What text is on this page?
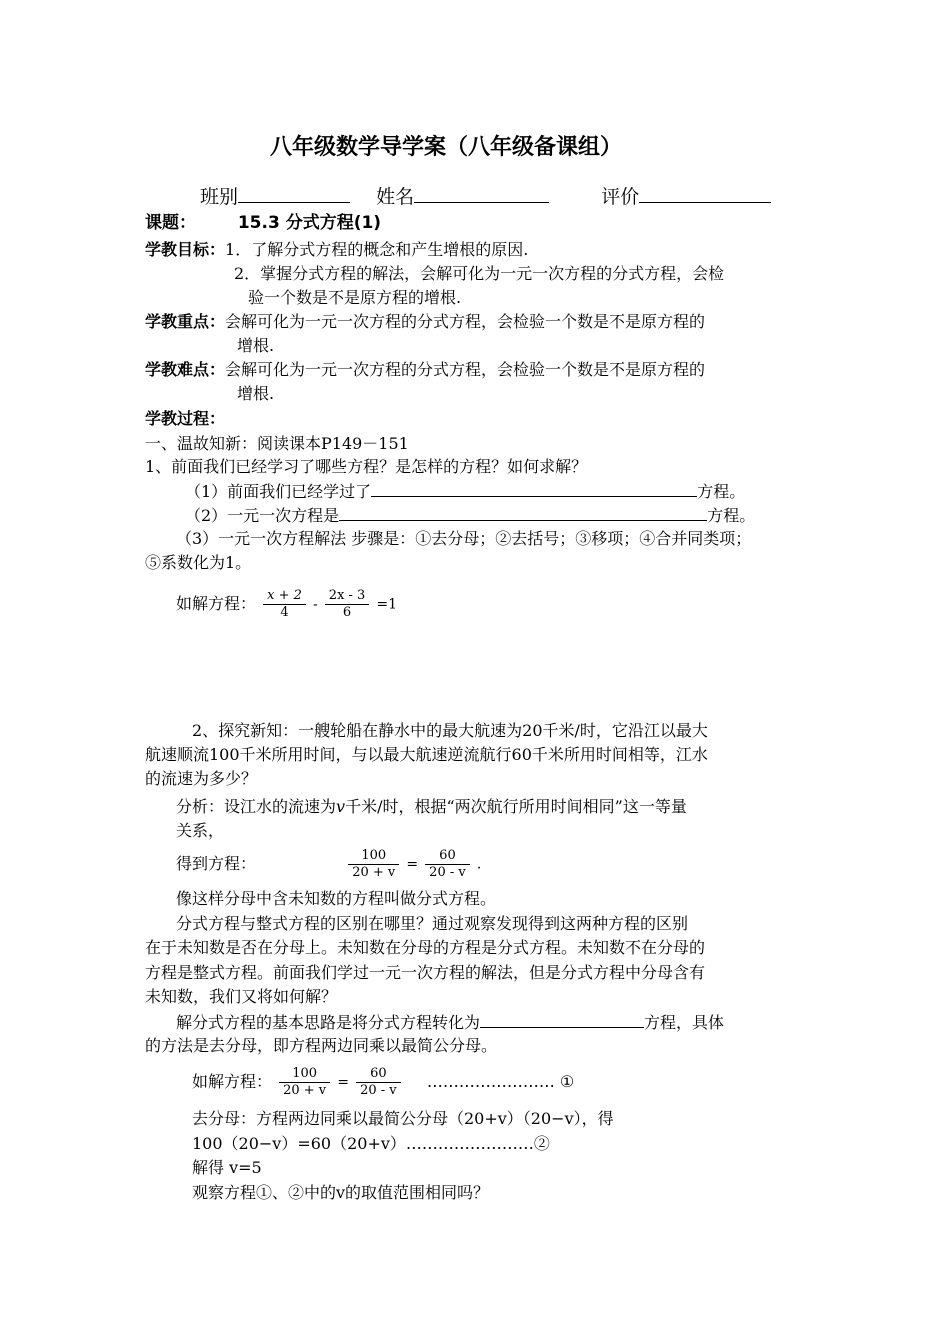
八年级数学导学案（八年级备课组）
班别	姓名	评价
课题： 15.3 分式方程(1)
学教目标：1．了解分式方程的概念和产生增根的原因.
2．掌握分式方程的解法，会解可化为一元一次方程的分式方程，会检
验一个数是不是原方程的增根.
学教重点：会解可化为一元一次方程的分式方程，会检验一个数是不是原方程的
增根.
学教难点：会解可化为一元一次方程的分式方程，会检验一个数是不是原方程的
增根.
学教过程：
一、温故知新：阅读课本P149－151
1、前面我们已经学习了哪些方程？是怎样的方程？如何求解？
（1）前面我们已经学过了	方程。
（2）一元一次方程是	方程。
（3）一元一次方程解法 步骤是：①去分母；②去括号；③移项；④合并同类项；
⑤系数化为1。
如解方程： $\frac{x + 2}{4} - \frac{2x - 3}{6} =1$
2、探究新知：一艘轮船在静水中的最大航速为20千米/时，它沿江以最大
航速顺流100千米所用时间，与以最大航速逆流航行60千米所用时间相等，江水
的流速为多少？
分析：设江水的流速为v千米/时，根据“两次航行所用时间相同”这一等量
关系，
得到方程：	$\frac{100}{20 + v} = \frac{60}{20 - v}$ .
像这样分母中含未知数的方程叫做分式方程。
分式方程与整式方程的区别在哪里？通过观察发现得到这两种方程的区别
在于未知数是否在分母上。未知数在分母的方程是分式方程。未知数不在分母的
方程是整式方程。前面我们学过一元一次方程的解法，但是分式方程中分母含有
未知数，我们又将如何解？
解分式方程的基本思路是将分式方程转化为	方程，具体
的方法是去分母，即方程两边同乘以最简公分母。
如解方程： $\frac{100}{20 + v} = \frac{60}{20 - v}$ …………………… ①
去分母：方程两边同乘以最简公分母（20+v）（20−v），得
100（20−v）=60（20+v）……………………②
解得 v=5
观察方程①、②中的v的取值范围相同吗？
